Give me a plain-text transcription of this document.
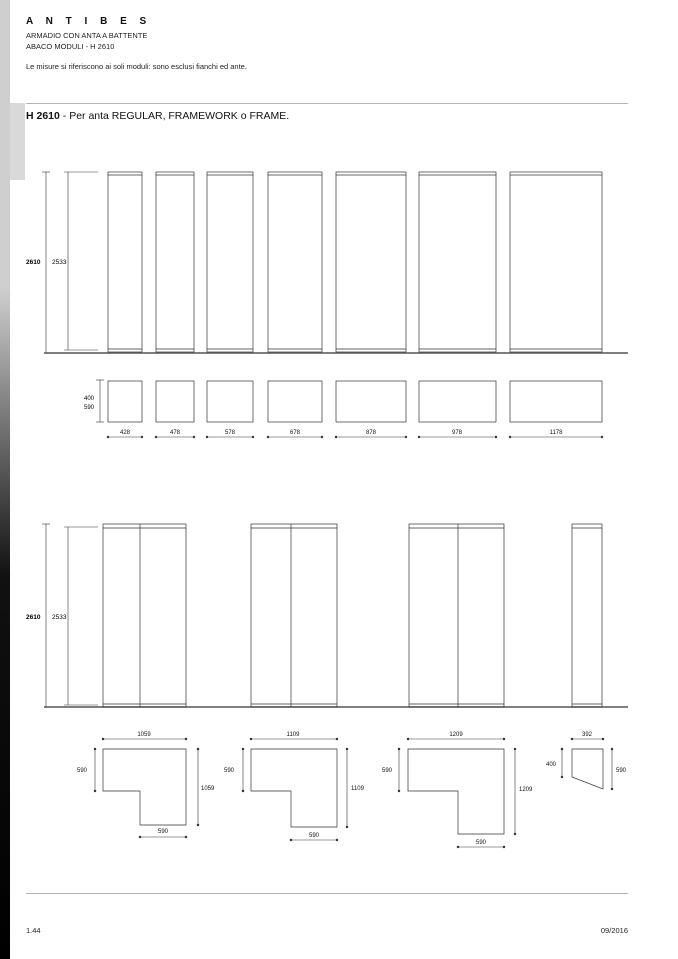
A N T I B E S
ARMADIO CON ANTA A BATTENTE
ABACO MODULI - H 2610
Le misure si riferiscono ai soli moduli: sono esclusi fianchi ed ante.
H 2610 - Per anta REGULAR, FRAMEWORK o FRAME.
2610 2533
400
590
428	478	578	678	878	978	1178
2610 2533
1059
590
1059
590
1109
590
1109
590
1209
590
1209
590
392
400
590
1.44	09/2016
